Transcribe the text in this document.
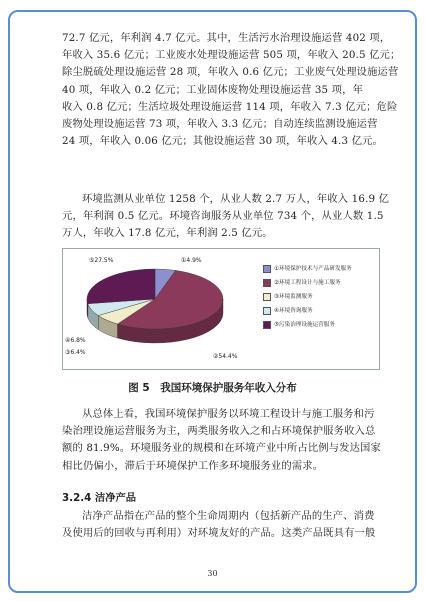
72.7 亿元，年利润 4.7 亿元。其中，生活污水治理设施运营 402 项，
年收入 35.6 亿元；工业废水处理设施运营 505 项，年收入 20.5 亿元；
除尘脱硫处理设施运营 28 项，年收入 0.6 亿元；工业废气处理设施运营
40 项，年收入 0.2 亿元；工业固体废物处理设施运营 35 项，年
收入 0.8 亿元；生活垃圾处理设施运营 114 项，年收入 7.3 亿元；危险
废物处理设施运营 73 项，年收入 3.3 亿元；自动连续监测设施运营
24 项，年收入 0.06 亿元；其他设施运营 30 项，年收入 4.3 亿元。
环境监测从业单位 1258 个，从业人数 2.7 万人，年收入 16.9 亿
元，年利润 0.5 亿元。环境咨询服务从业单位 734 个，从业人数 1.5
万人，年收入 17.8 亿元，年利润 2.5 亿元。
①4.9%
②54.4%
③6.4%
④6.8%
⑤27.5%
①环境保护技术与产品研发服务
②环境工程设计与施工服务
③环境监测服务
④环境咨询服务
⑤污染治理设施运营服务
图 5　我国环境保护服务年收入分布
从总体上看，我国环境保护服务以环境工程设计与施工服务和污
染治理设施运营服务为主，两类服务收入之和占环境保护服务收入总
额的 81.9%。环境服务业的规模和在环境产业中所占比例与发达国家
相比仍偏小，滞后于环境保护工作多环境服务业的需求。
3.2.4 洁净产品
洁净产品指在产品的整个生命周期内（包括新产品的生产、消费
及使用后的回收与再利用）对环境友好的产品。这类产品既具有一般
30
